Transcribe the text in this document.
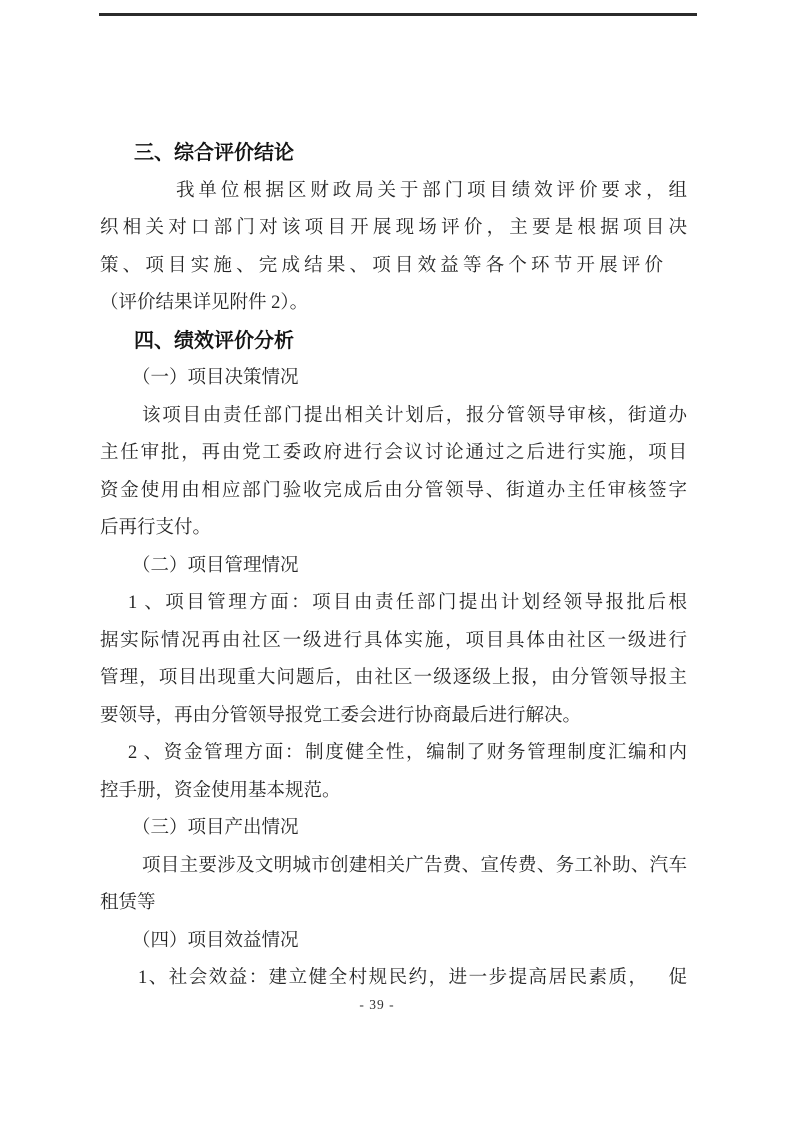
三、综合评价结论
我单位根据区财政局关于部门项目绩效评价要求，组
织相关对口部门对该项目开展现场评价，主要是根据项目决
策、项目实施、完成结果、项目效益等各个环节开展评价
（评价结果详见附件 2）。
四、绩效评价分析
（一）项目决策情况
该项目由责任部门提出相关计划后，报分管领导审核，街道办
主任审批，再由党工委政府进行会议讨论通过之后进行实施，项目
资金使用由相应部门验收完成后由分管领导、街道办主任审核签字
后再行支付。
（二）项目管理情况
1 、项目管理方面：项目由责任部门提出计划经领导报批后根
据实际情况再由社区一级进行具体实施，项目具体由社区一级进行
管理，项目出现重大问题后，由社区一级逐级上报，由分管领导报主
要领导，再由分管领导报党工委会进行协商最后进行解决。
2 、资金管理方面：制度健全性，编制了财务管理制度汇编和内
控手册，资金使用基本规范。
（三）项目产出情况
项目主要涉及文明城市创建相关广告费、宣传费、务工补助、汽车
租赁等
（四）项目效益情况
1、社会效益：建立健全村规民约，进一步提高居民素质， 促
- 39 -
